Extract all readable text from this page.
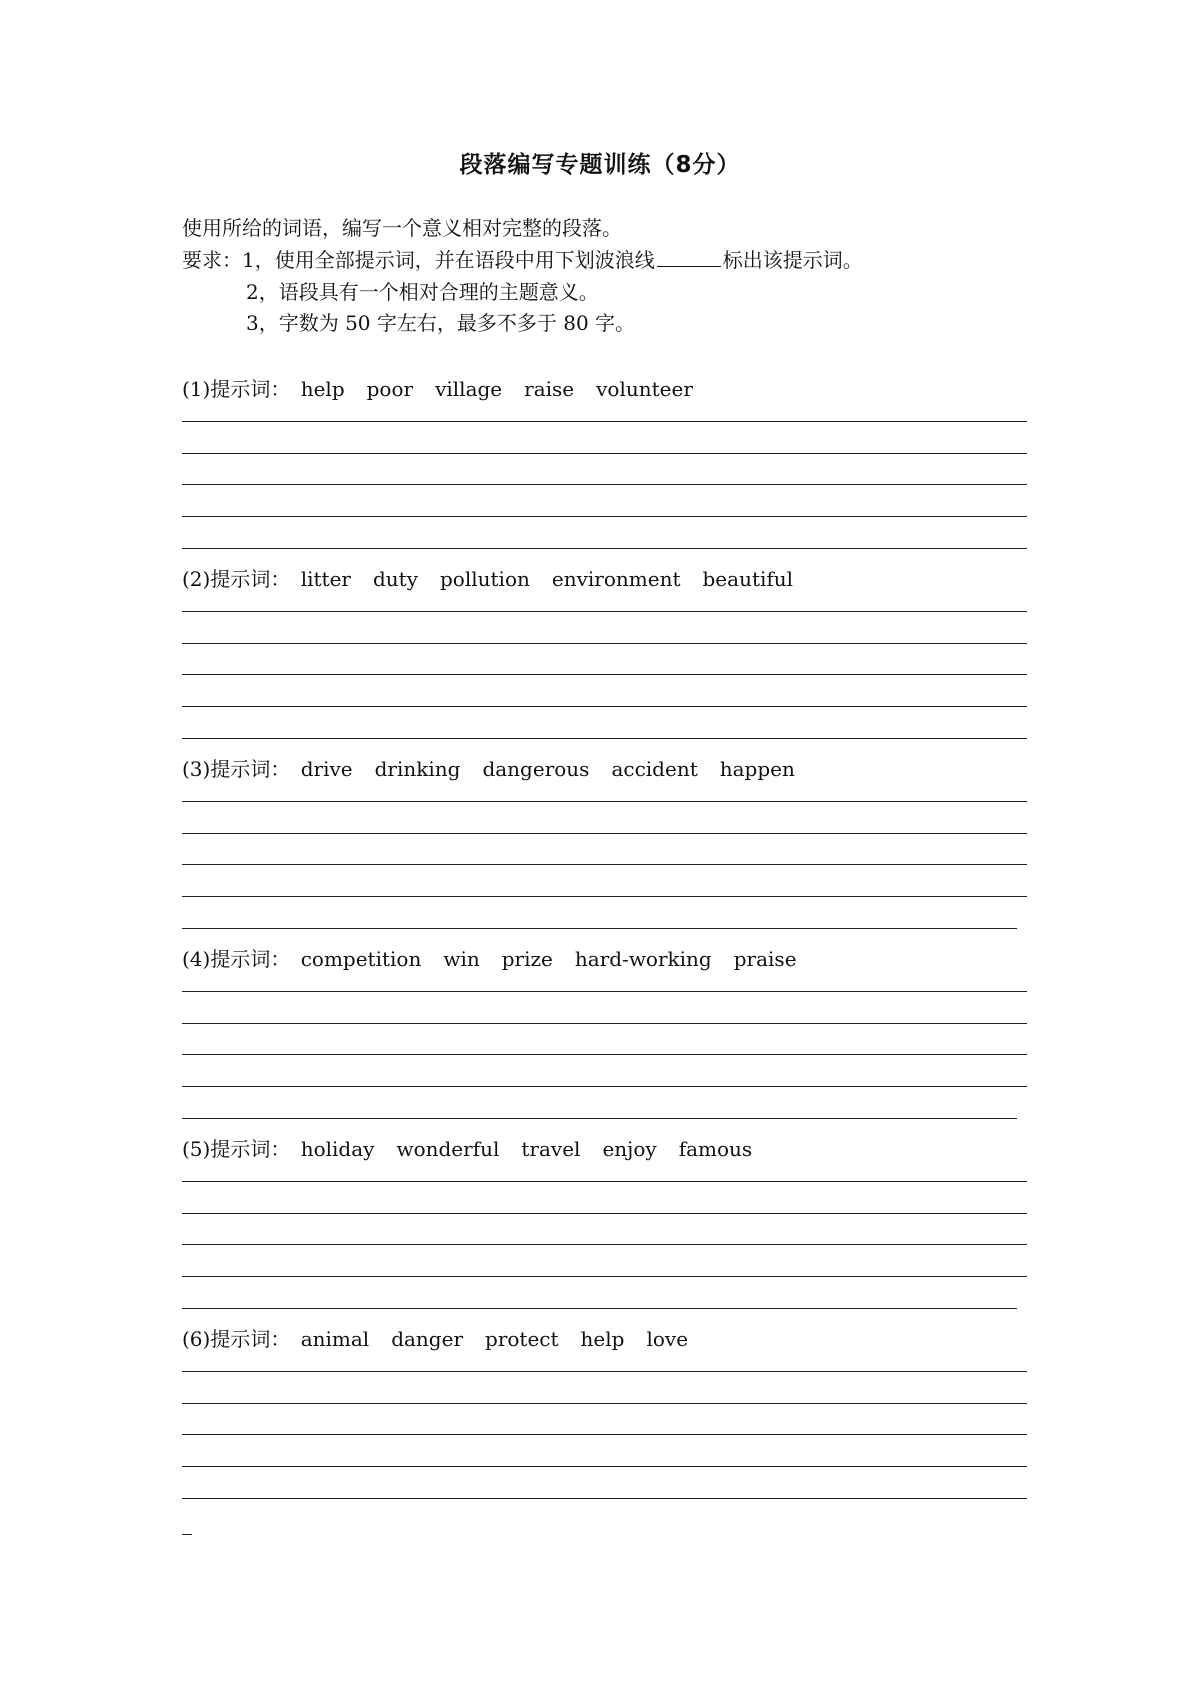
段落编写专题训练（8分）
使用所给的词语，编写一个意义相对完整的段落。
要求：1，使用全部提示词，并在语段中用下划波浪线	标出该提示词。
2，语段具有一个相对合理的主题意义。
3，字数为 50 字左右，最多不多于 80 字。
(1)提示词： help poor village raise volunteer
(2)提示词： litter duty pollution environment beautiful
(3)提示词： drive drinking dangerous accident happen
(4)提示词： competition win prize hard-working praise
(5)提示词： holiday wonderful travel enjoy famous
(6)提示词： animal danger protect help love
